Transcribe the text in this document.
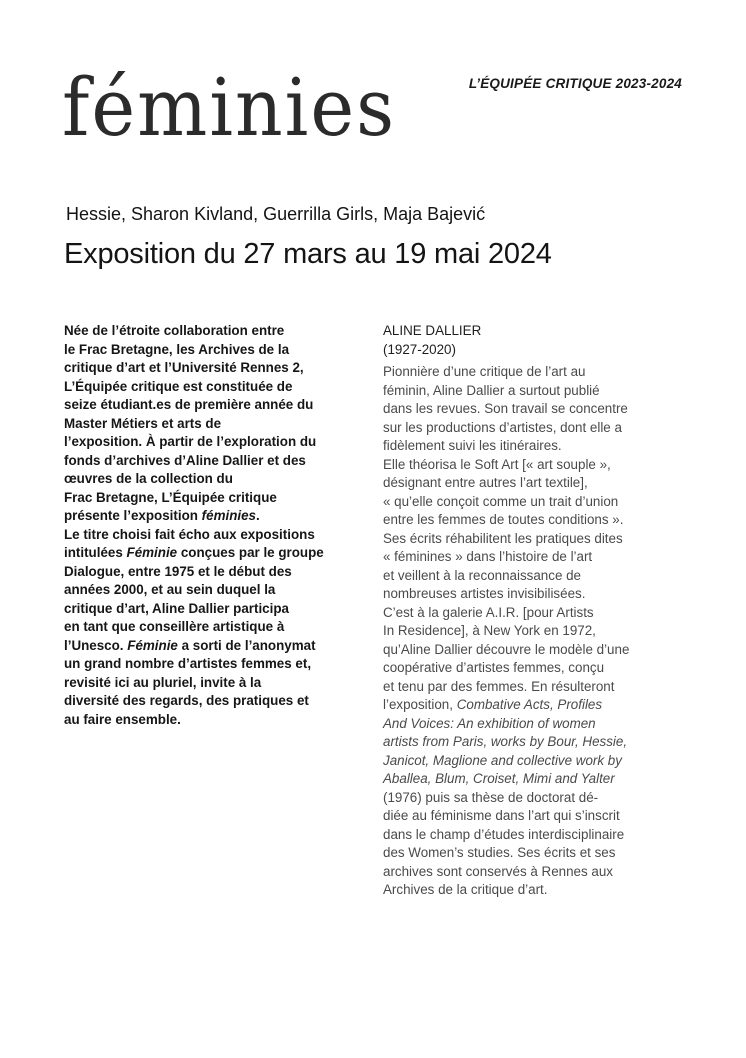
féminies	L’ÉQUIPÉE CRITIQUE 2023-2024
Hessie, Sharon Kivland, Guerrilla Girls, Maja Bajević
Exposition du 27 mars au 19 mai 2024
Née de l’étroite collaboration entre
le Frac Bretagne, les Archives de la
critique d’art et l’Université Rennes 2,
L’Équipée critique est constituée de
seize étudiant.es de première année du
Master Métiers et arts de
l’exposition. À partir de l’exploration du
fonds d’archives d’Aline Dallier et des
œuvres de la collection du
Frac Bretagne, L’Équipée critique
présente l’exposition féminies.
Le titre choisi fait écho aux expositions
intitulées Féminie conçues par le groupe
Dialogue, entre 1975 et le début des
années 2000, et au sein duquel la
critique d’art, Aline Dallier participa
en tant que conseillère artistique à
l’Unesco. Féminie a sorti de l’anonymat
un grand nombre d’artistes femmes et,
revisité ici au pluriel, invite à la
diversité des regards, des pratiques et
au faire ensemble.
ALINE DALLIER
(1927-2020)
Pionnière d’une critique de l’art au
féminin, Aline Dallier a surtout publié
dans les revues. Son travail se concentre
sur les productions d’artistes, dont elle a
fidèlement suivi les itinéraires.
Elle théorisa le Soft Art [« art souple »,
désignant entre autres l’art textile],
« qu’elle conçoit comme un trait d’union
entre les femmes de toutes conditions ».
Ses écrits réhabilitent les pratiques dites
« féminines » dans l’histoire de l’art
et veillent à la reconnaissance de
nombreuses artistes invisibilisées.
C’est à la galerie A.I.R. [pour Artists
In Residence], à New York en 1972,
qu’Aline Dallier découvre le modèle d’une
coopérative d’artistes femmes, conçu
et tenu par des femmes. En résulteront
l’exposition, Combative Acts, Profiles
And Voices: An exhibition of women
artists from Paris, works by Bour, Hessie,
Janicot, Maglione and collective work by
Aballea, Blum, Croiset, Mimi and Yalter
(1976) puis sa thèse de doctorat dé-
diée au féminisme dans l’art qui s’inscrit
dans le champ d’études interdisciplinaire
des Women’s studies. Ses écrits et ses
archives sont conservés à Rennes aux
Archives de la critique d’art.
